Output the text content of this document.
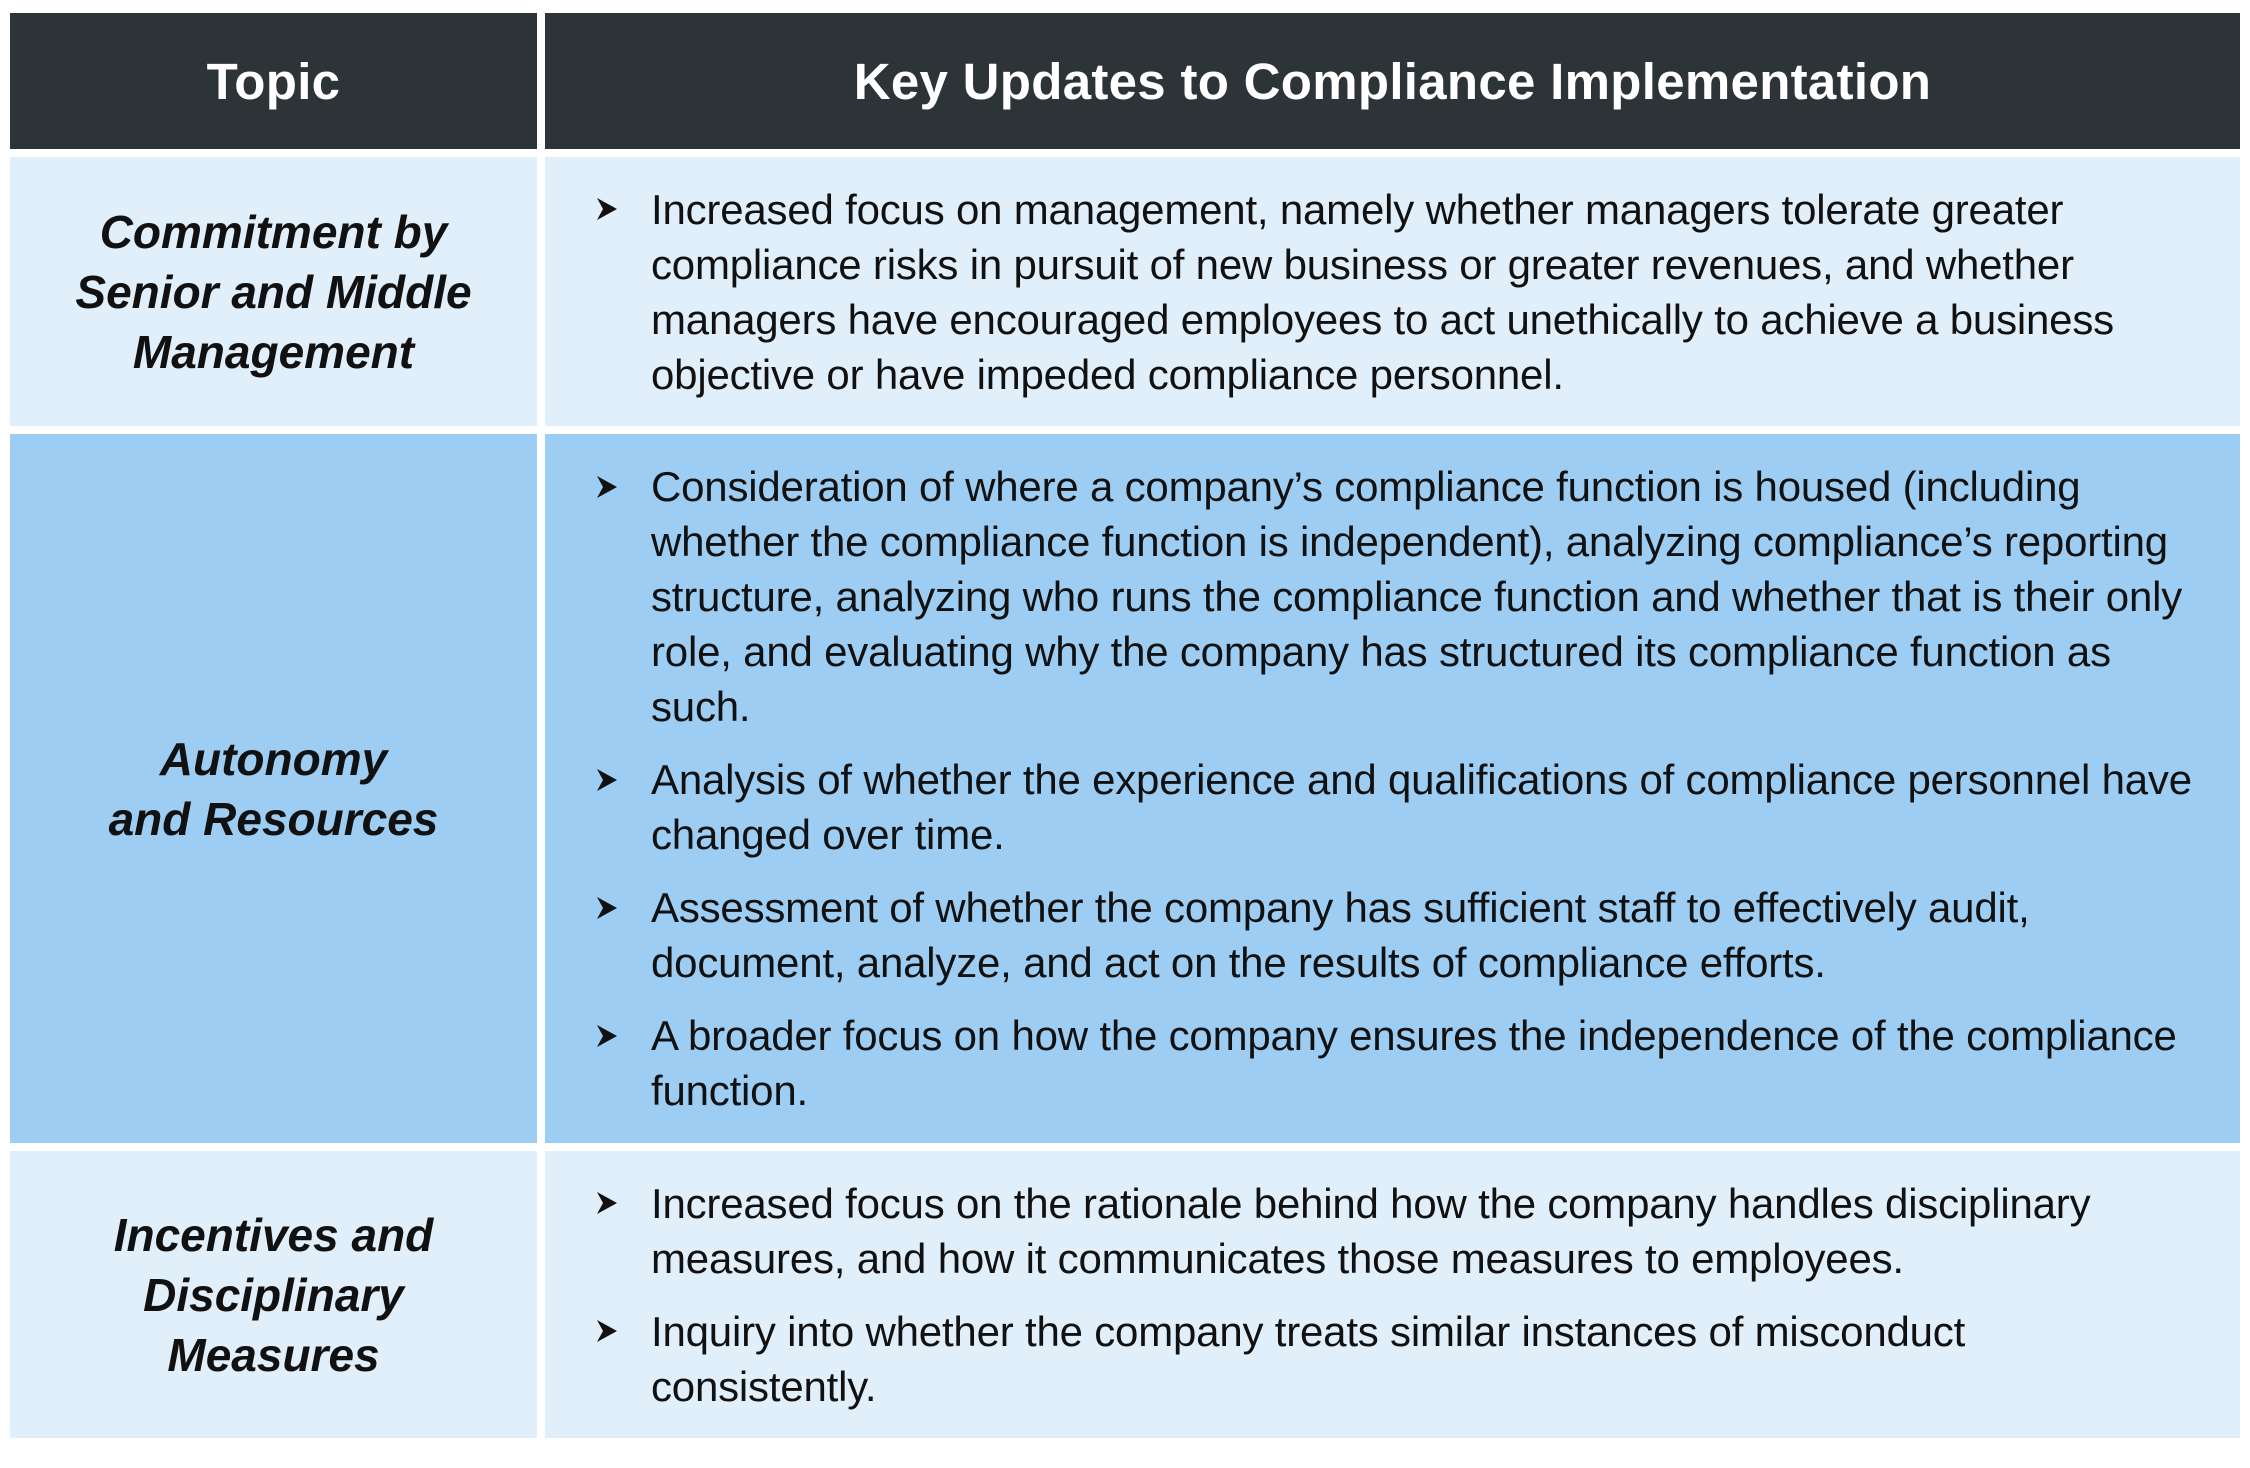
Topic	Key Updates to Compliance Implementation
Commitment by
Senior and Middle
Management
Increased focus on management, namely whether managers tolerate greater compliance risks in pursuit of new business or greater revenues, and whether managers have encouraged employees to act unethically to achieve a business objective or have impeded compliance personnel.
Autonomy
and Resources
Consideration of where a company’s compliance function is housed (including whether the compliance function is independent), analyzing compliance’s reporting structure, analyzing who runs the compliance function and whether that is their only role, and evaluating why the company has structured its compliance function as such.
Analysis of whether the experience and qualifications of compliance personnel have changed over time.
Assessment of whether the company has sufficient staff to effectively audit, document, analyze, and act on the results of compliance efforts.
A broader focus on how the company ensures the independence of the compliance function.
Incentives and
Disciplinary
Measures
Increased focus on the rationale behind how the company handles disciplinary measures, and how it communicates those measures to employees.
Inquiry into whether the company treats similar instances of misconduct consistently.
